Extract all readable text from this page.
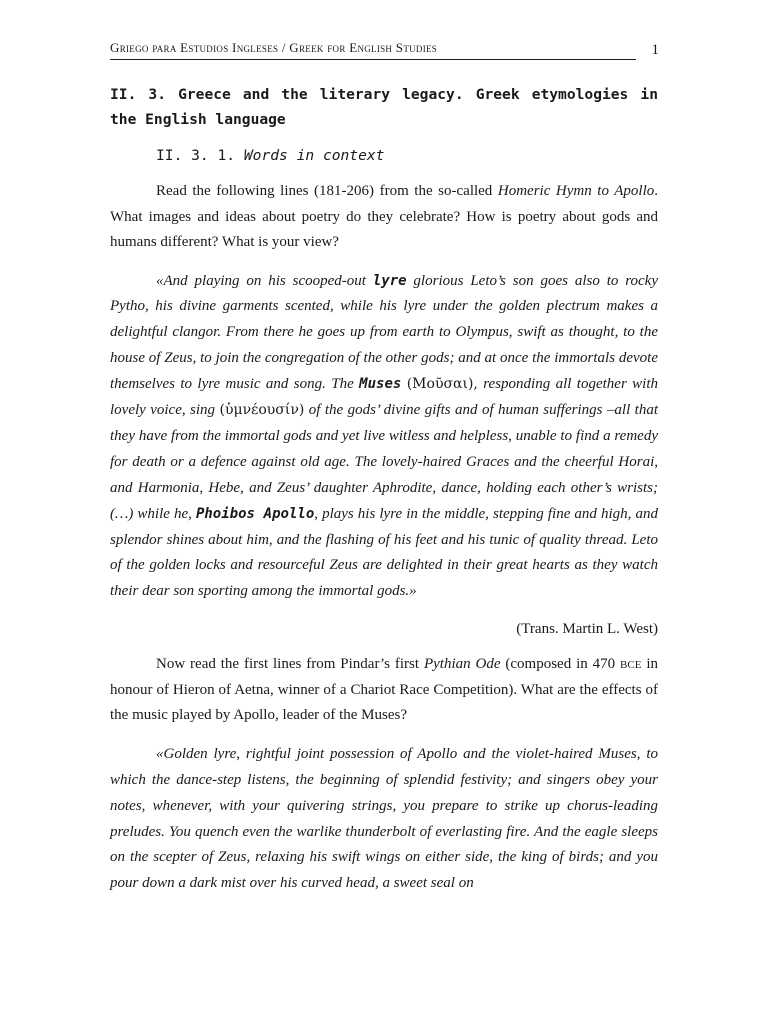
Griego para Estudios Ingleses / Greek for English Studies	1
II. 3. Greece and the literary legacy. Greek etymologies in the English language
II. 3. 1. Words in context

Read the following lines (181-206) from the so-called Homeric Hymn to Apollo. What images and ideas about poetry do they celebrate? How is poetry about gods and humans different? What is your view?

«And playing on his scooped-out lyre glorious Leto’s son goes also to rocky Pytho, his divine garments scented, while his lyre under the golden plectrum makes a delightful clangor. From there he goes up from earth to Olympus, swift as thought, to the house of Zeus, to join the congregation of the other gods; and at once the immortals devote themselves to lyre music and song. The Muses (Μοῦσαι), responding all together with lovely voice, sing (ὑμνέουσίν) of the gods’ divine gifts and of human sufferings –all that they have from the immortal gods and yet live witless and helpless, unable to find a remedy for death or a defence against old age. The lovely-haired Graces and the cheerful Horai, and Harmonia, Hebe, and Zeus’ daughter Aphrodite, dance, holding each other’s wrists; (…) while he, Phoibos Apollo, plays his lyre in the middle, stepping fine and high, and splendor shines about him, and the flashing of his feet and his tunic of quality thread. Leto of the golden locks and resourceful Zeus are delighted in their great hearts as they watch their dear son sporting among the immortal gods.»

(Trans. Martin L. West)

Now read the first lines from Pindar’s first Pythian Ode (composed in 470 bce in honour of Hieron of Aetna, winner of a Chariot Race Competition). What are the effects of the music played by Apollo, leader of the Muses?

«Golden lyre, rightful joint possession of Apollo and the violet-haired Muses, to which the dance-step listens, the beginning of splendid festivity; and singers obey your notes, whenever, with your quivering strings, you prepare to strike up chorus-leading preludes. You quench even the warlike thunderbolt of everlasting fire. And the eagle sleeps on the scepter of Zeus, relaxing his swift wings on either side, the king of birds; and you pour down a dark mist over his curved head, a sweet seal on
